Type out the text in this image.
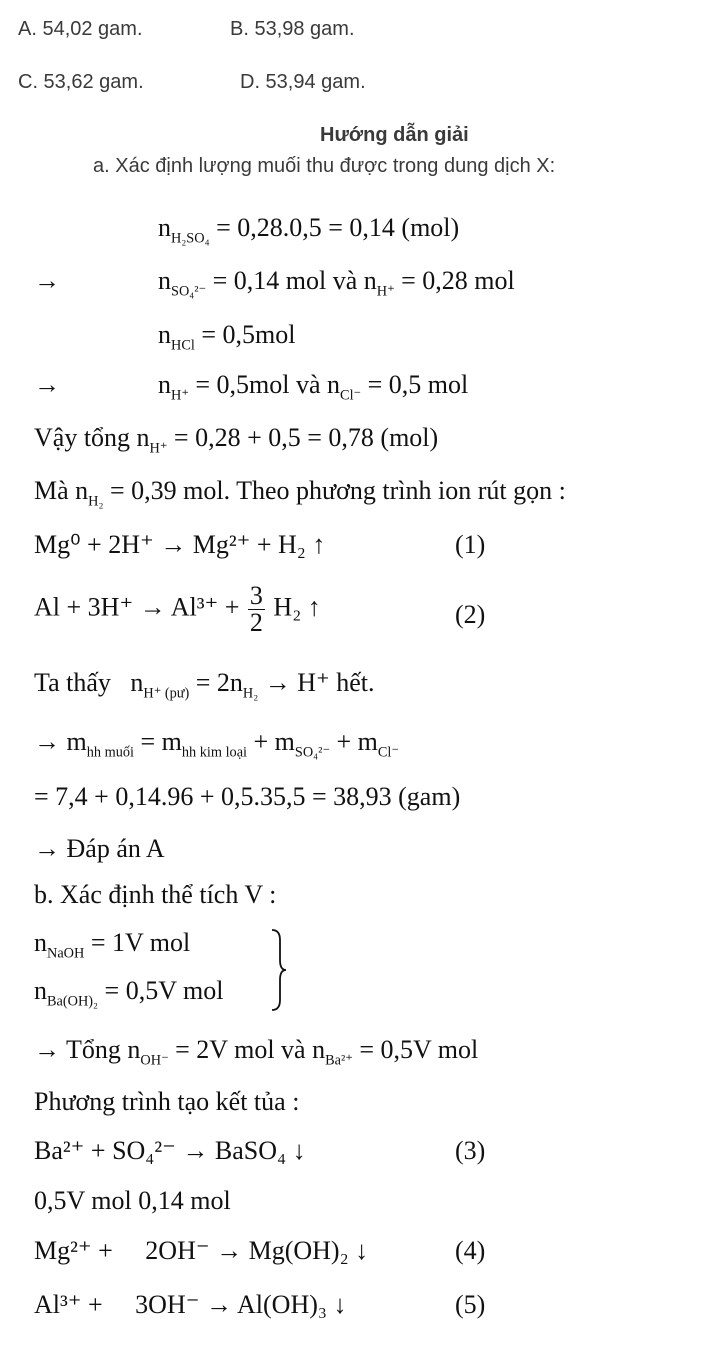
A. 54,02 gam.	B. 53,98 gam.
C. 53,62 gam.	D. 53,94 gam.
Hướng dẫn giải
a. Xác định lượng muối thu được trong dung dịch X:
$n_{H_2SO_4} = 0,28.0,5 = 0,14$ (mol)
→	$n_{SO_4^{2-}} = 0,14$ mol và $n_{H^+} = 0,28$ mol
$n_{HCl} = 0,5mol$
→	$n_{H^+} = 0,5mol$ và $n_{Cl^-} = 0,5$ mol
Vậy tổng $n_{H^+} = 0,28 + 0,5 = 0,78$ (mol)
Mà $n_{H_2} = 0,39$ mol. Theo phương trình ion rút gọn :
Mg⁰ + 2H⁺ → Mg²⁺ + H₂ ↑	(1)
$Al + 3H^+ \to Al^{3+} + \frac{3}{2} H_2$ ↑	(2)
Ta thấy $n_{H^+ (pư)} = 2n_{H_2} \to H^+$ hết.
→ $m_{hh muối} = m_{hh kim loại} + m_{SO_4^{2-}} + m_{Cl^-}$
= 7,4 + 0,14.96 + 0,5.35,5 = 38,93 (gam)
→ Đáp án A
b. Xác định thể tích V :
$n_{NaOH} = 1V$ mol
$n_{Ba(OH)_2} = 0,5V$ mol
→ Tổng $n_{OH^-} = 2V$ mol và $n_{Ba^{2+}} = 0,5V$ mol
Phương trình tạo kết tủa :
Ba²⁺ + SO₄²⁻ → BaSO₄ ↓	(3)
0,5V mol 0,14 mol
Mg²⁺ +     2OH⁻ → Mg(OH)₂ ↓	(4)
Al³⁺ +     3OH⁻ → Al(OH)₃ ↓	(5)
